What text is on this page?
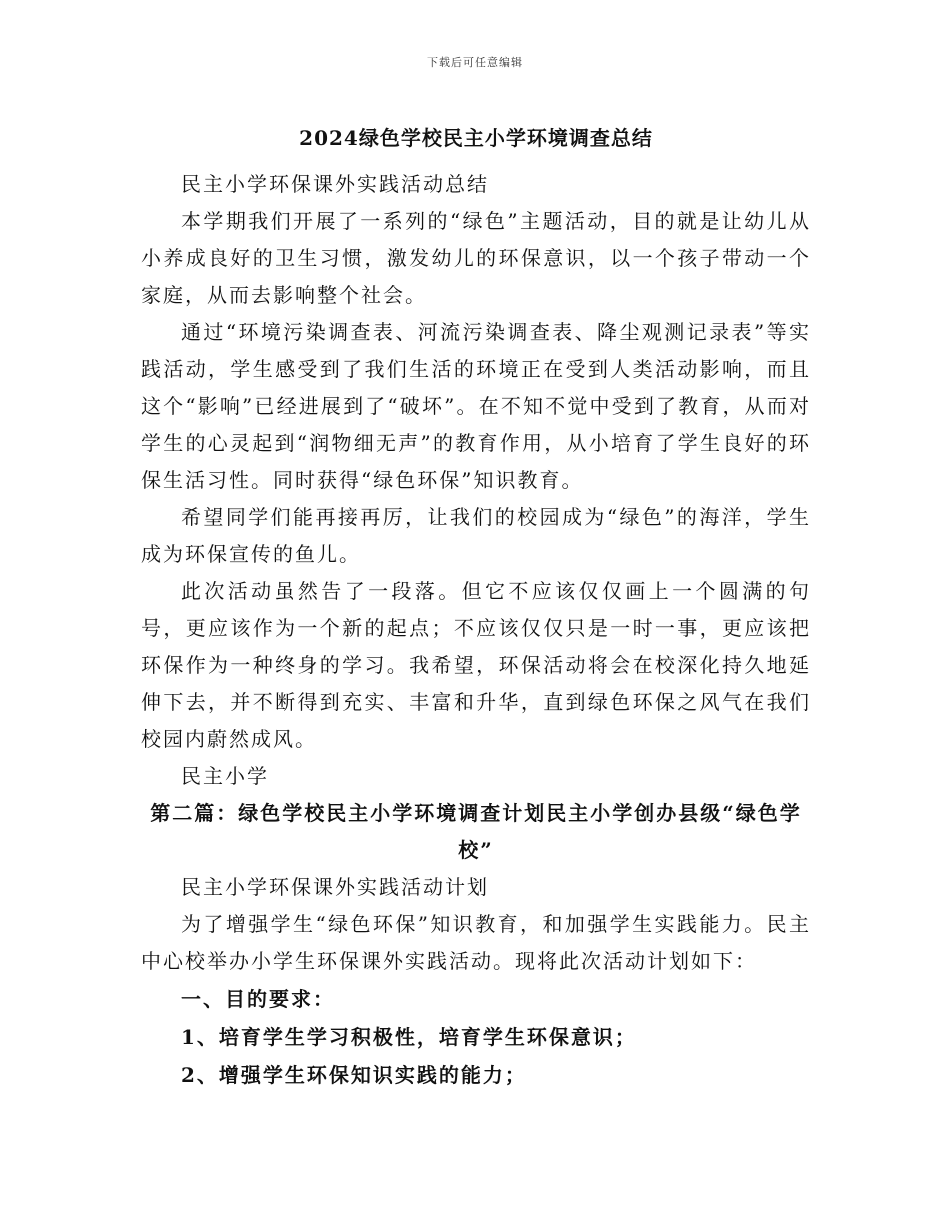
下载后可任意编辑
2024绿色学校民主小学环境调查总结

民主小学环保课外实践活动总结

本学期我们开展了一系列的“绿色”主题活动，目的就是让幼儿从小养成良好的卫生习惯，激发幼儿的环保意识，以一个孩子带动一个家庭，从而去影响整个社会。

通过“环境污染调查表、河流污染调查表、降尘观测记录表”等实践活动，学生感受到了我们生活的环境正在受到人类活动影响，而且这个“影响”已经进展到了“破坏”。在不知不觉中受到了教育，从而对学生的心灵起到“润物细无声”的教育作用，从小培育了学生良好的环保生活习性。同时获得“绿色环保”知识教育。

希望同学们能再接再厉，让我们的校园成为“绿色”的海洋，学生成为环保宣传的鱼儿。

此次活动虽然告了一段落。但它不应该仅仅画上一个圆满的句号，更应该作为一个新的起点；不应该仅仅只是一时一事，更应该把环保作为一种终身的学习。我希望，环保活动将会在校深化持久地延伸下去，并不断得到充实、丰富和升华，直到绿色环保之风气在我们校园内蔚然成风。

民主小学

第二篇：绿色学校民主小学环境调查计划民主小学创办县级“绿色学校”

民主小学环保课外实践活动计划

为了增强学生“绿色环保”知识教育，和加强学生实践能力。民主中心校举办小学生环保课外实践活动。现将此次活动计划如下：

一、目的要求：

1、培育学生学习积极性，培育学生环保意识；

2、增强学生环保知识实践的能力；
